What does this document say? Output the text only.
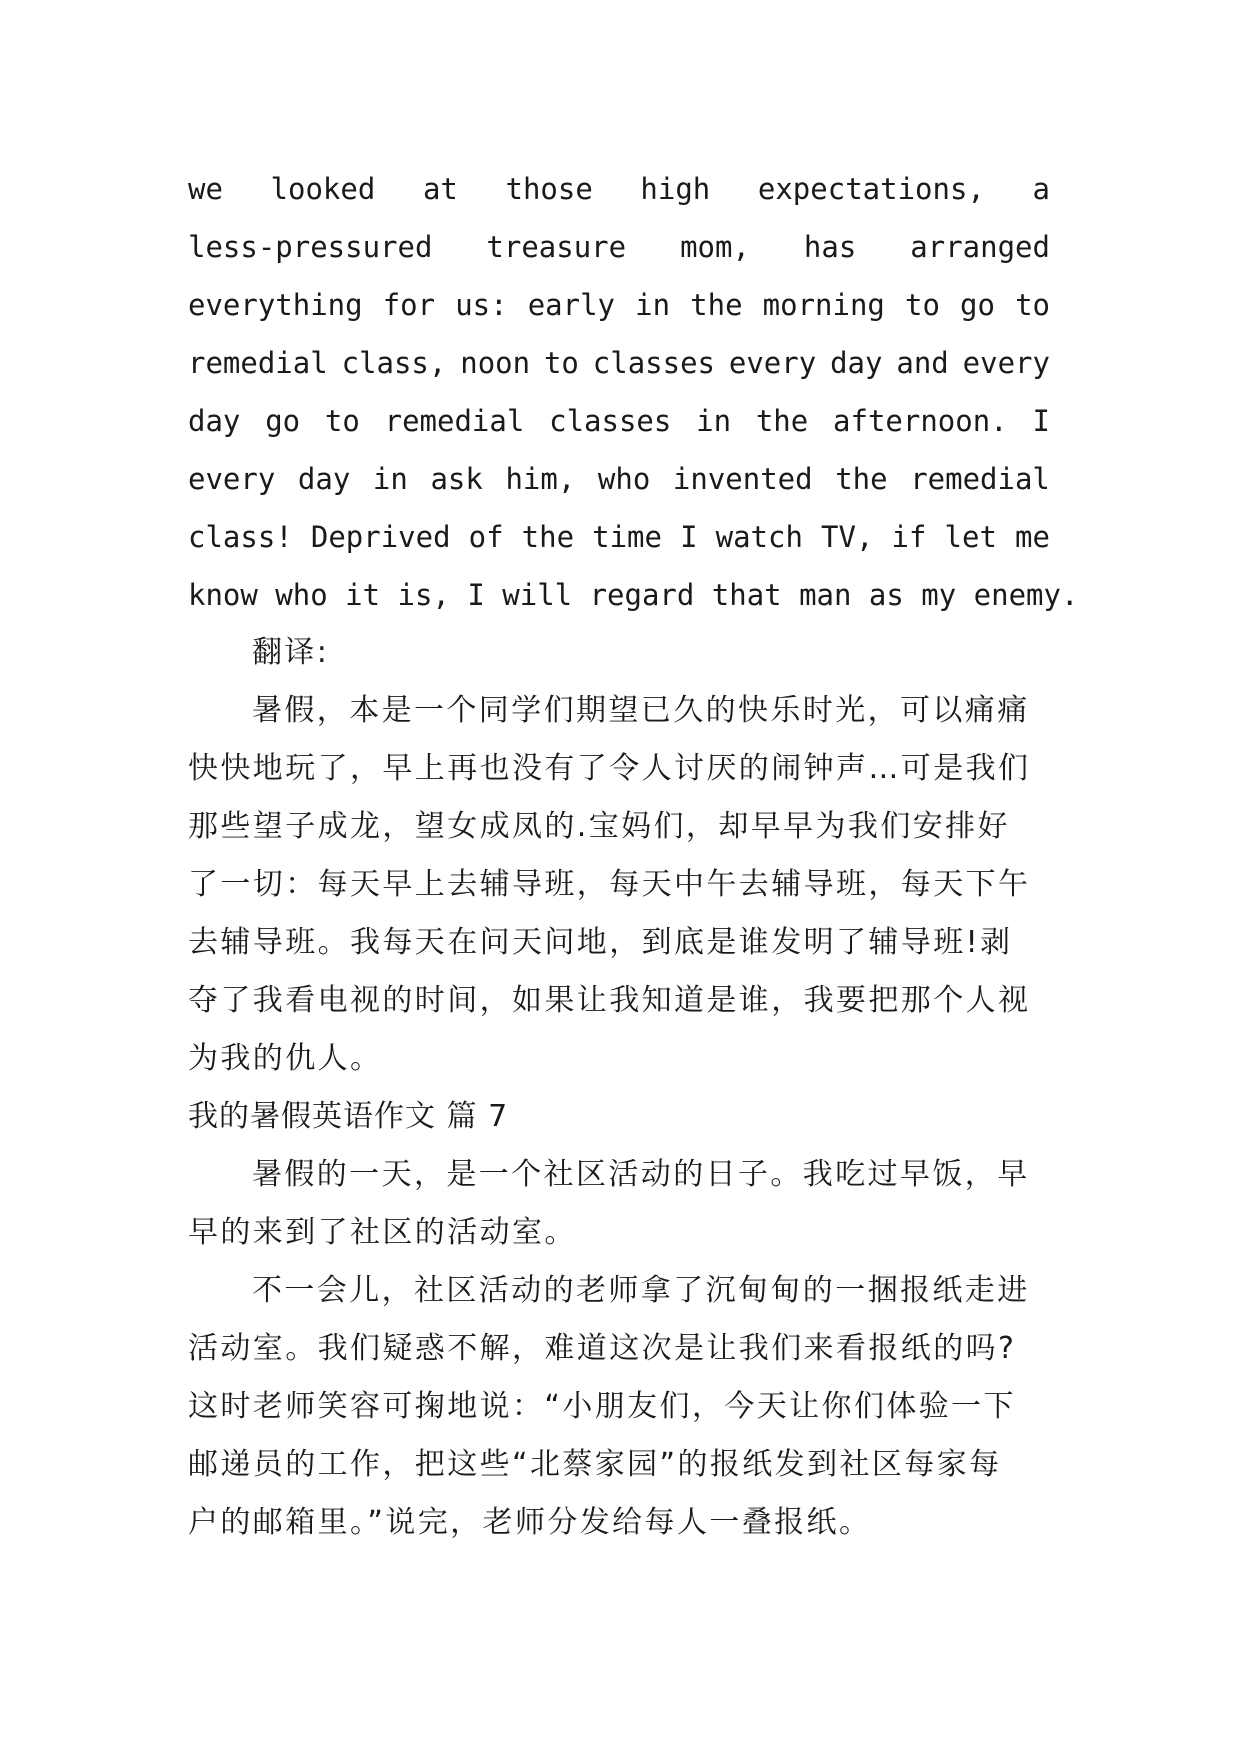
we looked at those high expectations, a
less-pressured treasure mom, has arranged
everything for us: early in the morning to go to
remedial class, noon to classes every day and every
day go to remedial classes in the afternoon. I
every day in ask him, who invented the remedial
class! Deprived of the time I watch TV, if let me
know who it is, I will regard that man as my enemy.
翻译:
暑假，本是一个同学们期望已久的快乐时光，可以痛痛
快快地玩了，早上再也没有了令人讨厌的闹钟声…可是我们
那些望子成龙，望女成凤的.宝妈们，却早早为我们安排好
了一切：每天早上去辅导班，每天中午去辅导班，每天下午
去辅导班。我每天在问天问地，到底是谁发明了辅导班!剥
夺了我看电视的时间，如果让我知道是谁，我要把那个人视
为我的仇人。
我的暑假英语作文 篇 7
暑假的一天，是一个社区活动的日子。我吃过早饭，早
早的来到了社区的活动室。
不一会儿，社区活动的老师拿了沉甸甸的一捆报纸走进
活动室。我们疑惑不解，难道这次是让我们来看报纸的吗?
这时老师笑容可掬地说：“小朋友们，今天让你们体验一下
邮递员的工作，把这些“北蔡家园”的报纸发到社区每家每
户的邮箱里。”说完，老师分发给每人一叠报纸。
